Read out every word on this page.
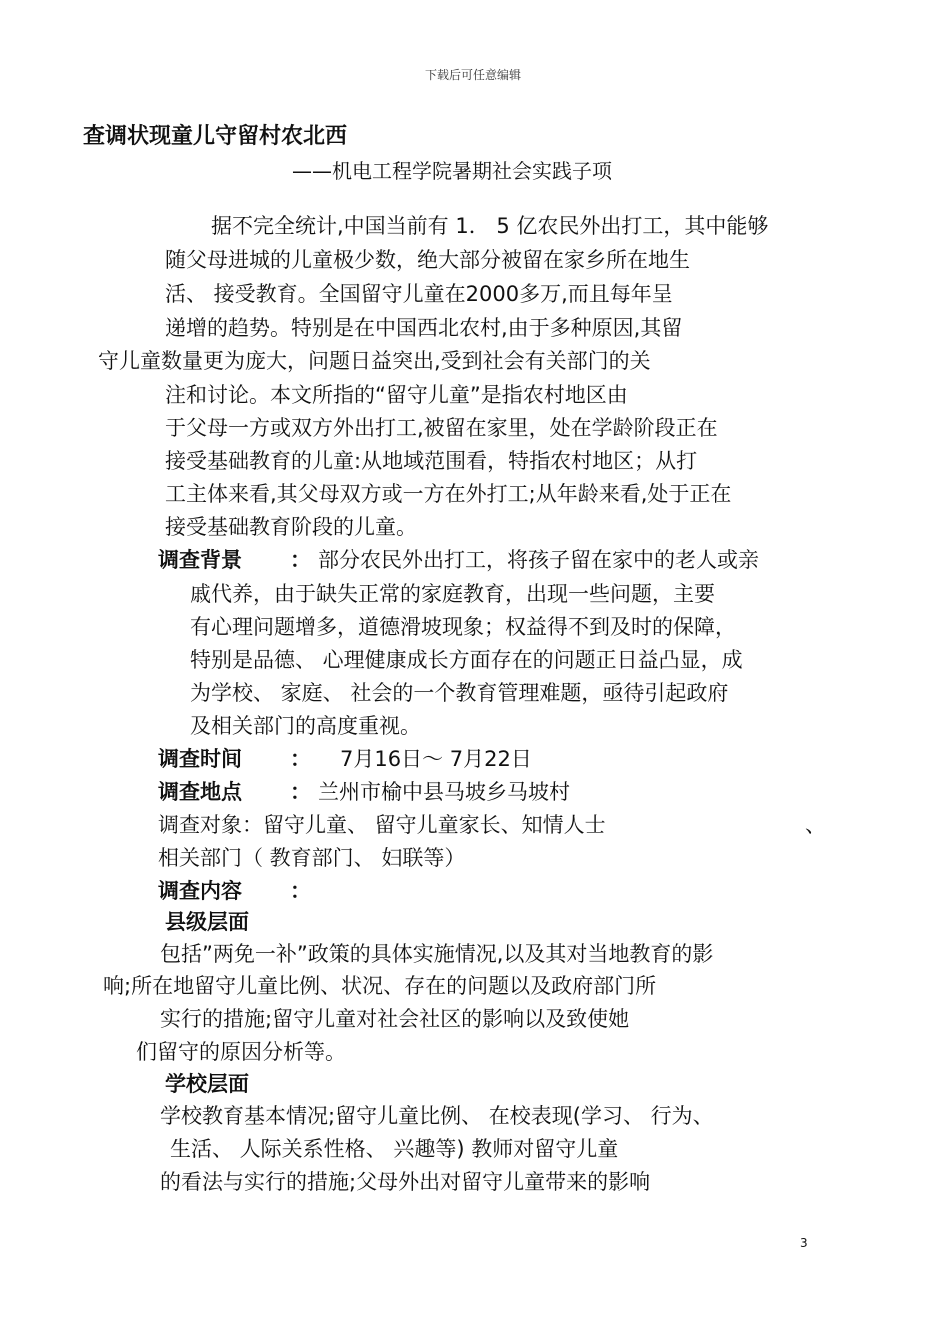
下载后可任意编辑
查调状现童儿守留村农北西
——机电工程学院暑期社会实践子项
据不完全统计,中国当前有 1． 5 亿农民外出打工，其中能够
随父母进城的儿童极少数，绝大部分被留在家乡所在地生
活、 接受教育。全国留守儿童在2000多万,而且每年呈
递增的趋势。特别是在中国西北农村,由于多种原因,其留
守儿童数量更为庞大，问题日益突出,受到社会有关部门的关
注和讨论。本文所指的“留守儿童”是指农村地区由
于父母一方或双方外出打工,被留在家里，处在学龄阶段正在
接受基础教育的儿童:从地域范围看，特指农村地区；从打
工主体来看,其父母双方或一方在外打工;从年龄来看,处于正在
接受基础教育阶段的儿童。
调查背景 ： 部分农民外出打工，将孩子留在家中的老人或亲
戚代养，由于缺失正常的家庭教育，出现一些问题，主要
有心理问题增多，道德滑坡现象；权益得不到及时的保障，
特别是品德、 心理健康成长方面存在的问题正日益凸显，成
为学校、 家庭、 社会的一个教育管理难题，亟待引起政府
及相关部门的高度重视。
调查时间 ： 7月16日～ 7月22日
调查地点 ： 兰州市榆中县马坡乡马坡村
调查对象：留守儿童、 留守儿童家长、知情人士	、
相关部门（ 教育部门、 妇联等）
调查内容 ：
县级层面
包括”两免一补”政策的具体实施情况,以及其对当地教育的影
响;所在地留守儿童比例、状况、存在的问题以及政府部门所
实行的措施;留守儿童对社会社区的影响以及致使她
们留守的原因分析等。
学校层面
学校教育基本情况;留守儿童比例、 在校表现(学习、 行为、
生活、 人际关系性格、 兴趣等) 教师对留守儿童
的看法与实行的措施;父母外出对留守儿童带来的影响
3
